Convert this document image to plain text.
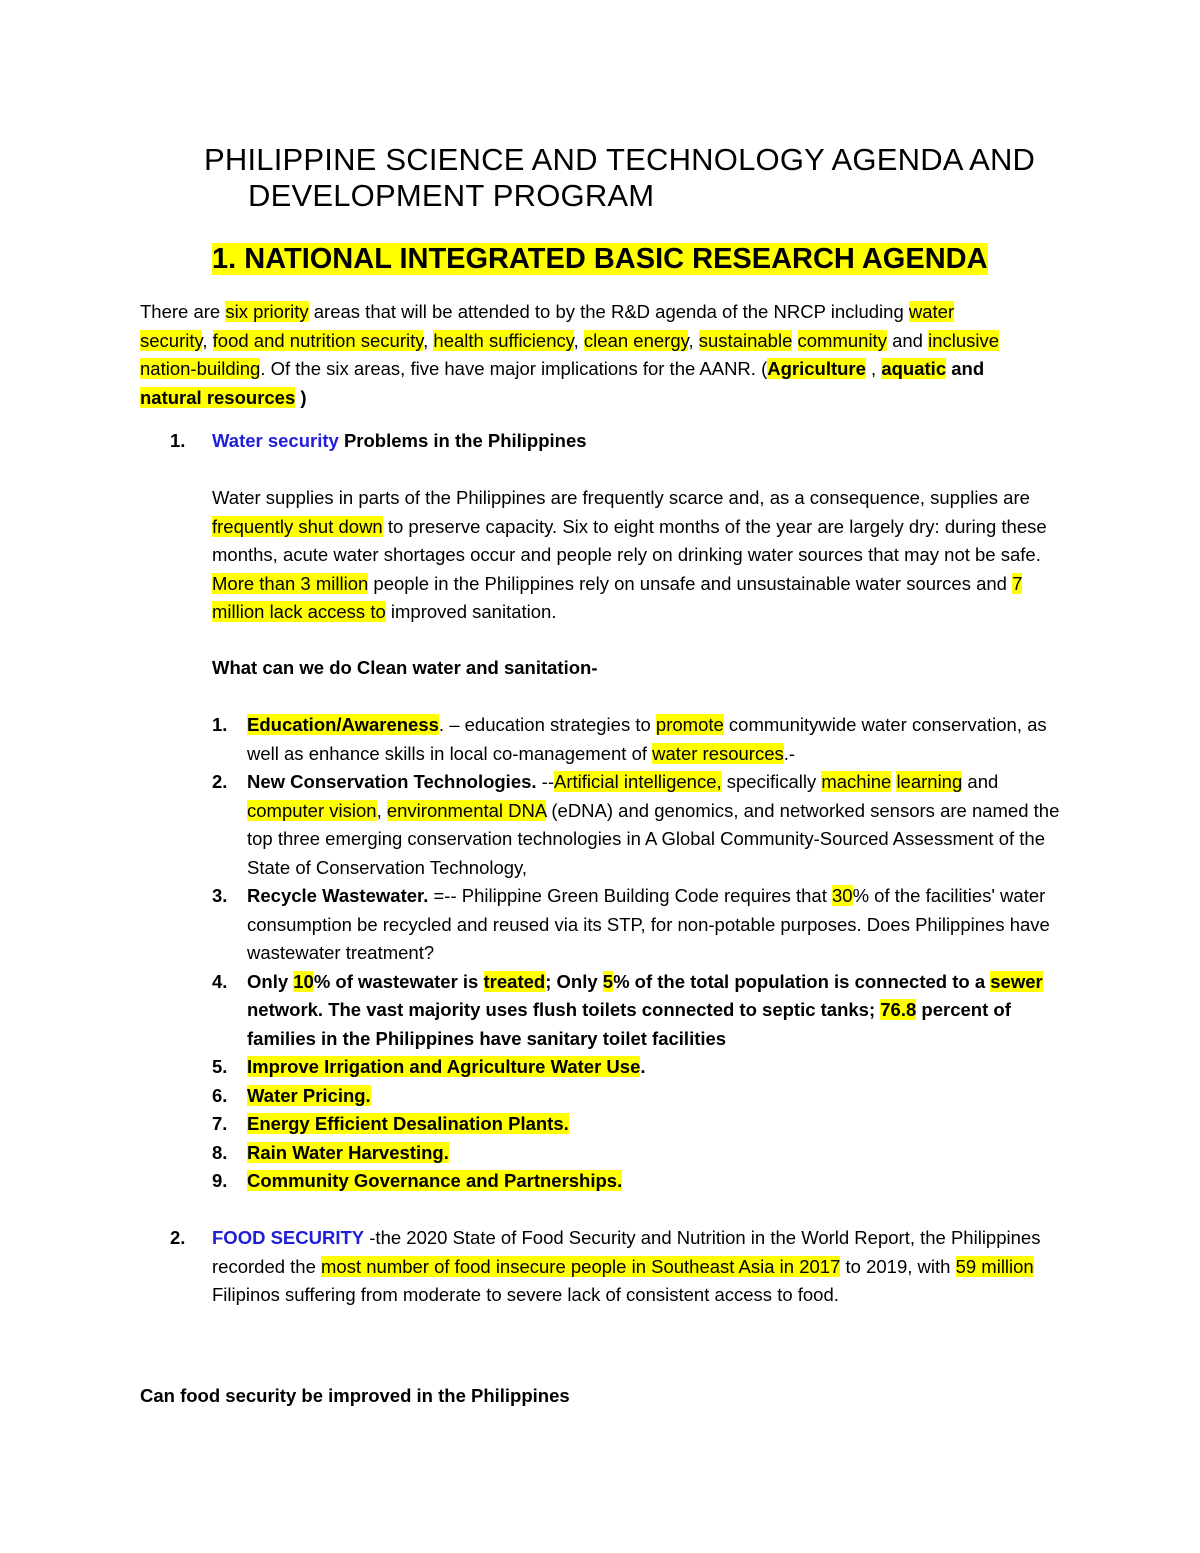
PHILIPPINE SCIENCE AND TECHNOLOGY AGENDA AND DEVELOPMENT PROGRAM
1. NATIONAL INTEGRATED BASIC RESEARCH AGENDA
There are six priority areas that will be attended to by the R&D agenda of the NRCP including water security, food and nutrition security, health sufficiency, clean energy, sustainable community and inclusive nation-building. Of the six areas, five have major implications for the AANR. (Agriculture , aquatic and natural resources )
1. Water security Problems in the Philippines
Water supplies in parts of the Philippines are frequently scarce and, as a consequence, supplies are frequently shut down to preserve capacity. Six to eight months of the year are largely dry: during these months, acute water shortages occur and people rely on drinking water sources that may not be safe. More than 3 million people in the Philippines rely on unsafe and unsustainable water sources and 7 million lack access to improved sanitation.
What can we do Clean water and sanitation-
1. Education/Awareness. – education strategies to promote communitywide water conservation, as well as enhance skills in local co-management of water resources.-
2. New Conservation Technologies. --Artificial intelligence, specifically machine learning and computer vision, environmental DNA (eDNA) and genomics, and networked sensors are named the top three emerging conservation technologies in A Global Community-Sourced Assessment of the State of Conservation Technology,
3. Recycle Wastewater. =-- Philippine Green Building Code requires that 30% of the facilities' water consumption be recycled and reused via its STP, for non-potable purposes. Does Philippines have wastewater treatment?
4. Only 10% of wastewater is treated; Only 5% of the total population is connected to a sewer network. The vast majority uses flush toilets connected to septic tanks; 76.8 percent of families in the Philippines have sanitary toilet facilities
5. Improve Irrigation and Agriculture Water Use.
6. Water Pricing.
7. Energy Efficient Desalination Plants.
8. Rain Water Harvesting.
9. Community Governance and Partnerships.
2. FOOD SECURITY -the 2020 State of Food Security and Nutrition in the World Report, the Philippines recorded the most number of food insecure people in Southeast Asia in 2017 to 2019, with 59 million Filipinos suffering from moderate to severe lack of consistent access to food.
Can food security be improved in the Philippines
